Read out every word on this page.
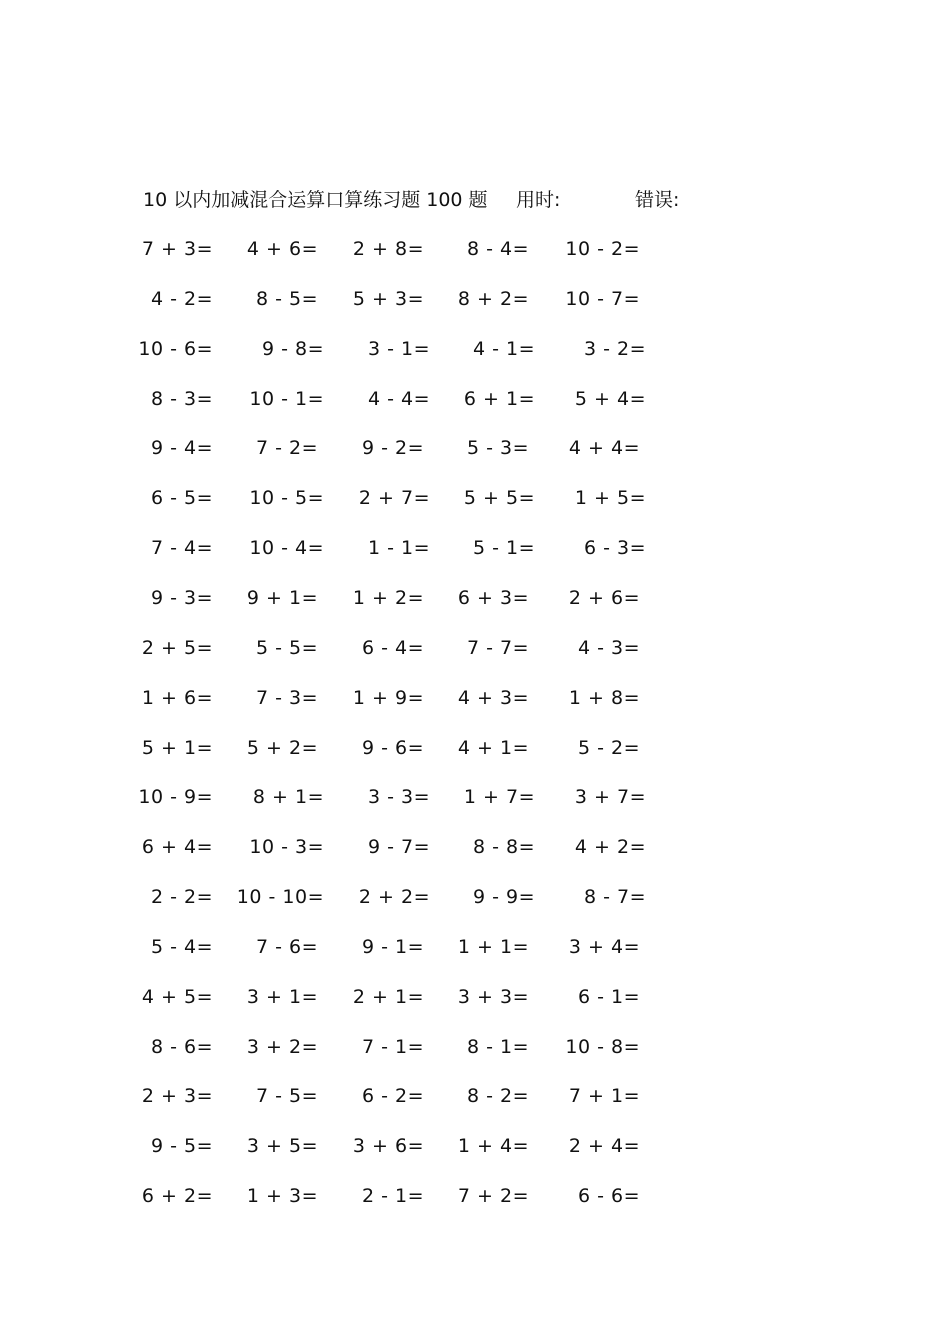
10 以内加减混合运算口算练习题 100 题 用时:	错误:
7 + 3= 4 + 6= 2 + 8= 8 - 4= 10 - 2=
4 - 2= 8 - 5= 5 + 3= 8 + 2= 10 - 7=
10 - 6=	9 - 8= 3 - 1= 4 - 1=	3 - 2=
8 - 3= 10 - 1= 4 - 4= 6 + 1= 5 + 4=
9 - 4= 7 - 2= 9 - 2= 5 - 3= 4 + 4=
6 - 5= 10 - 5= 2 + 7= 5 + 5= 1 + 5=
7 - 4= 10 - 4= 1 - 1= 5 - 1=	6 - 3=
9 - 3= 9 + 1= 1 + 2= 6 + 3= 2 + 6=
2 + 5= 5 - 5= 6 - 4= 7 - 7=	4 - 3=
1 + 6= 7 - 3= 1 + 9= 4 + 3= 1 + 8=
5 + 1= 5 + 2= 9 - 6= 4 + 1=	5 - 2=
10 - 9= 8 + 1= 3 - 3= 1 + 7= 3 + 7=
6 + 4= 10 - 3= 9 - 7= 8 - 8= 4 + 2=
2 - 2= 10 - 10= 2 + 2= 9 - 9=	8 - 7=
5 - 4= 7 - 6= 9 - 1= 1 + 1= 3 + 4=
4 + 5= 3 + 1= 2 + 1= 3 + 3=	6 - 1=
8 - 6= 3 + 2= 7 - 1= 8 - 1= 10 - 8=
2 + 3= 7 - 5= 6 - 2= 8 - 2= 7 + 1=
9 - 5= 3 + 5= 3 + 6= 1 + 4= 2 + 4=
6 + 2= 1 + 3= 2 - 1= 7 + 2=	6 - 6=
